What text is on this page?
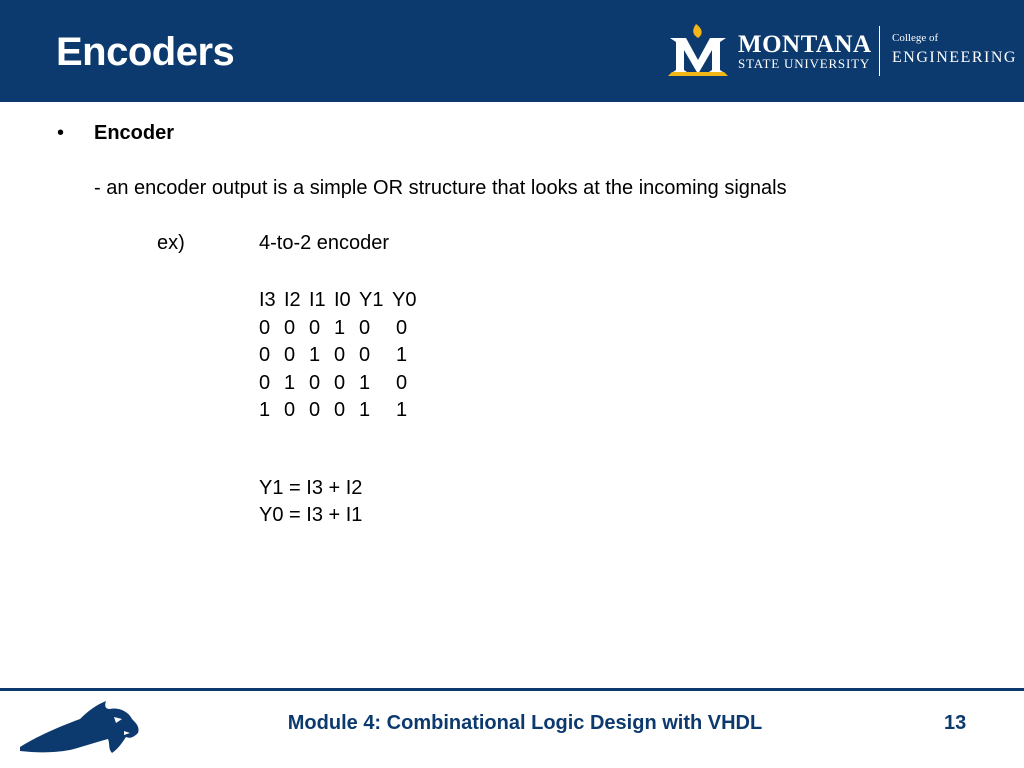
Encoders	MONTANA
STATE UNIVERSITY
College of
ENGINEERING
• Encoder
- an encoder output is a simple OR structure that looks at the incoming signals
ex)	4-to-2 encoder
I3 I2 I1 I0 Y1 Y0
0 0 0 1 0 0
0 0 1 0 0 1
0 1 0 0 1 0
1 0 0 0 1 1
Y1 = I3 + I2
Y0 = I3 + I1
Module 4: Combinational Logic Design with VHDL	13
